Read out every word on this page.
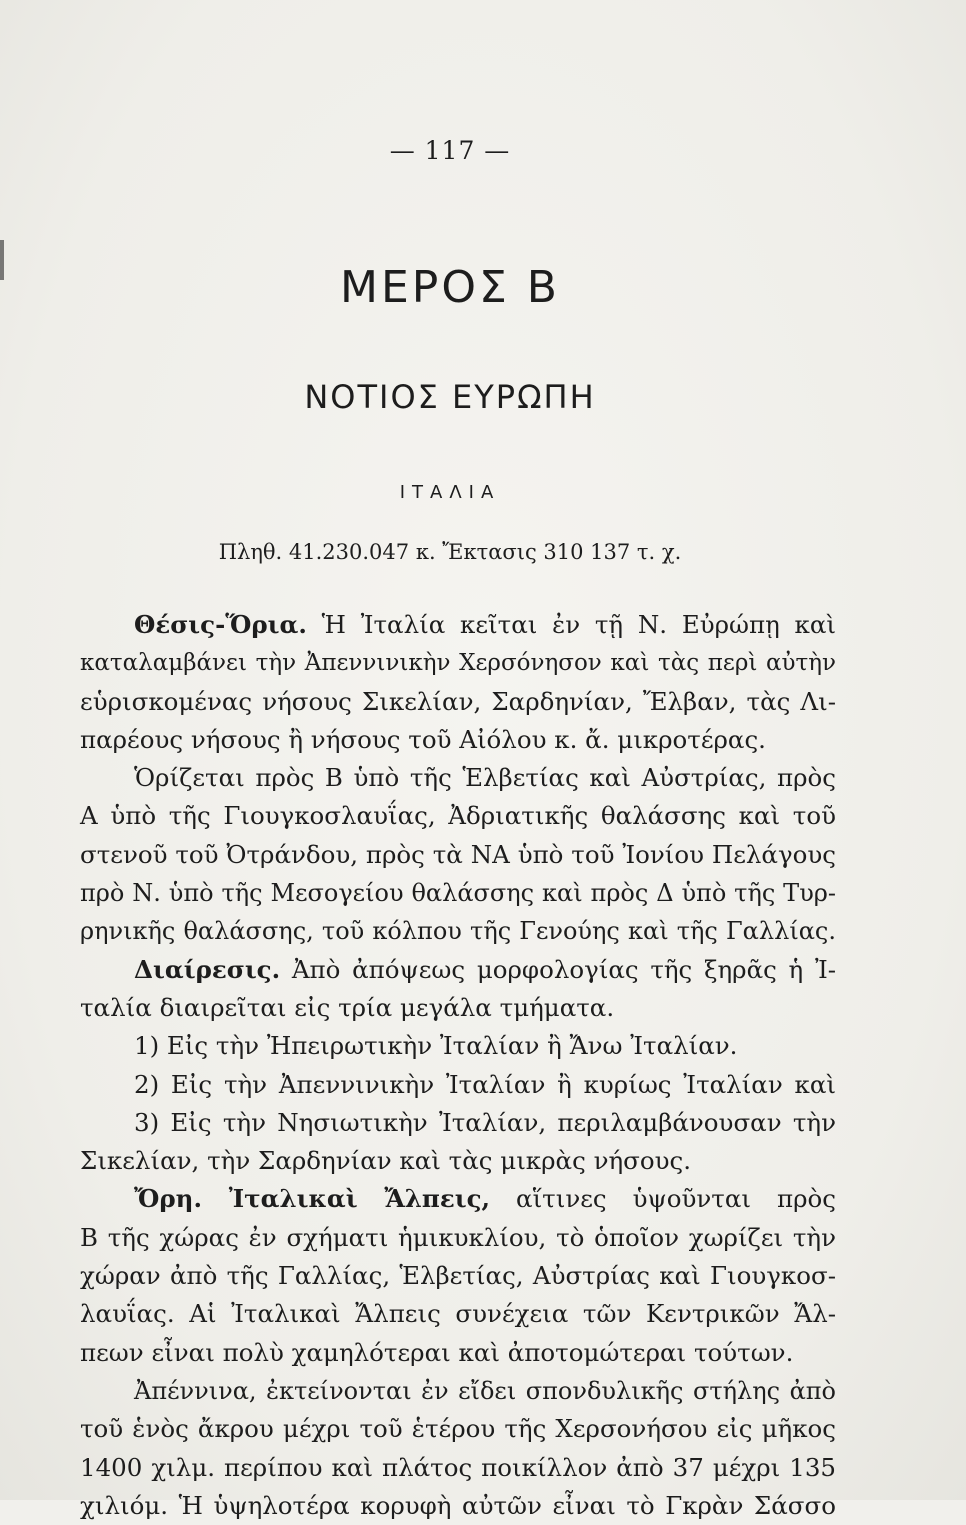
— 117 —
ΜΕΡΟΣ Β
ΝΟΤΙΟΣ ΕΥΡΩΠΗ
ΙΤΑΛΙΑ
Πληθ. 41.230.047 κ. Ἔκτασις 310 137 τ. χ.
Θέσις-Ὅρια. Ἡ Ἰταλία κεῖται ἐν τῇ Ν. Εὐρώπῃ καὶ
καταλαμβάνει τὴν Ἀπεννινικὴν Χερσόνησον καὶ τὰς περὶ αὐτὴν
εὑρισκομένας νήσους Σικελίαν, Σαρδηνίαν, Ἔλβαν, τὰς Λι-
παρέους νήσους ἢ νήσους τοῦ Αἰόλου κ. ἄ. μικροτέρας.
Ὁρίζεται πρὸς Β ὑπὸ τῆς Ἑλβετίας καὶ Αὐστρίας, πρὸς
Α ὑπὸ τῆς Γιουγκοσλαυΐας, Ἀδριατικῆς θαλάσσης καὶ τοῦ
στενοῦ τοῦ Ὀτράνδου, πρὸς τὰ ΝΑ ὑπὸ τοῦ Ἰονίου Πελάγους
πρὸ Ν. ὑπὸ τῆς Μεσογείου θαλάσσης καὶ πρὸς Δ ὑπὸ τῆς Τυρ-
ρηνικῆς θαλάσσης, τοῦ κόλπου τῆς Γενούης καὶ τῆς Γαλλίας.
Διαίρεσις. Ἀπὸ ἀπόψεως μορφολογίας τῆς ξηρᾶς ἡ Ἰ-
ταλία διαιρεῖται εἰς τρία μεγάλα τμήματα.
1) Εἰς τὴν Ἠπειρωτικὴν Ἰταλίαν ἢ Ἄνω Ἰταλίαν.
2) Εἰς τὴν Ἀπεννινικὴν Ἰταλίαν ἢ κυρίως Ἰταλίαν καὶ
3) Εἰς τὴν Νησιωτικὴν Ἰταλίαν, περιλαμβάνουσαν τὴν
Σικελίαν, τὴν Σαρδηνίαν καὶ τὰς μικρὰς νήσους.
Ὄρη. Ἰταλικαὶ Ἄλπεις, αἵτινες ὑψοῦνται πρὸς
Β τῆς χώρας ἐν σχήματι ἡμικυκλίου, τὸ ὁποῖον χωρίζει τὴν
χώραν ἀπὸ τῆς Γαλλίας, Ἑλβετίας, Αὐστρίας καὶ Γιουγκοσ-
λαυΐας. Αἱ Ἰταλικαὶ Ἄλπεις συνέχεια τῶν Κεντρικῶν Ἄλ-
πεων εἶναι πολὺ χαμηλότεραι καὶ ἀποτομώτεραι τούτων.
Ἀπέννινα, ἐκτείνονται ἐν εἴδει σπονδυλικῆς στήλης ἀπὸ
τοῦ ἑνὸς ἄκρου μέχρι τοῦ ἑτέρου τῆς Χερσονήσου εἰς μῆκος
1400 χιλμ. περίπου καὶ πλάτος ποικίλλον ἀπὸ 37 μέχρι 135
χιλιόμ. Ἡ ὑψηλοτέρα κορυφὴ αὐτῶν εἶναι τὸ Γκρὰν Σάσσο
